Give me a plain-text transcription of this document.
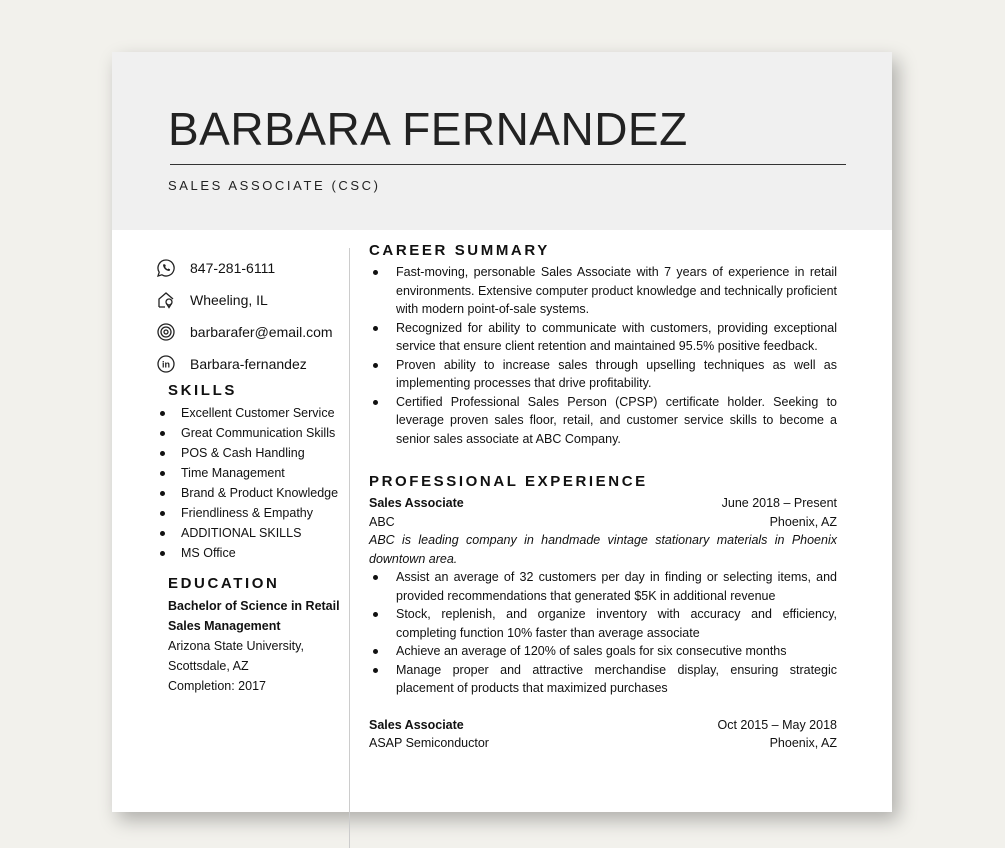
BARBARA FERNANDEZ
SALES ASSOCIATE (CSC)
847-281-6111
Wheeling, IL
barbarafer@email.com
in Barbara-fernandez
SKILLS
Excellent Customer Service
Great Communication Skills
POS & Cash Handling
Time Management
Brand & Product Knowledge
Friendliness & Empathy
ADDITIONAL SKILLS
MS Office
EDUCATION
Bachelor of Science in Retail Sales Management
Arizona State University, Scottsdale, AZ
Completion: 2017
CAREER SUMMARY
Fast-moving, personable Sales Associate with 7 years of experience in retail environments. Extensive computer product knowledge and technically proficient with modern point-of-sale systems.
Recognized for ability to communicate with customers, providing exceptional service that ensure client retention and maintained 95.5% positive feedback.
Proven ability to increase sales through upselling techniques as well as implementing processes that drive profitability.
Certified Professional Sales Person (CPSP) certificate holder. Seeking to leverage proven sales floor, retail, and customer service skills to become a senior sales associate at ABC Company.
PROFESSIONAL EXPERIENCE
Sales Associate	June 2018 – Present
ABC	Phoenix, AZ
ABC is leading company in handmade vintage stationary materials in Phoenix downtown area.
Assist an average of 32 customers per day in finding or selecting items, and provided recommendations that generated $5K in additional revenue
Stock, replenish, and organize inventory with accuracy and efficiency, completing function 10% faster than average associate
Achieve an average of 120% of sales goals for six consecutive months
Manage proper and attractive merchandise display, ensuring strategic placement of products that maximized purchases
Sales Associate	Oct 2015 – May 2018
ASAP Semiconductor	Phoenix, AZ
